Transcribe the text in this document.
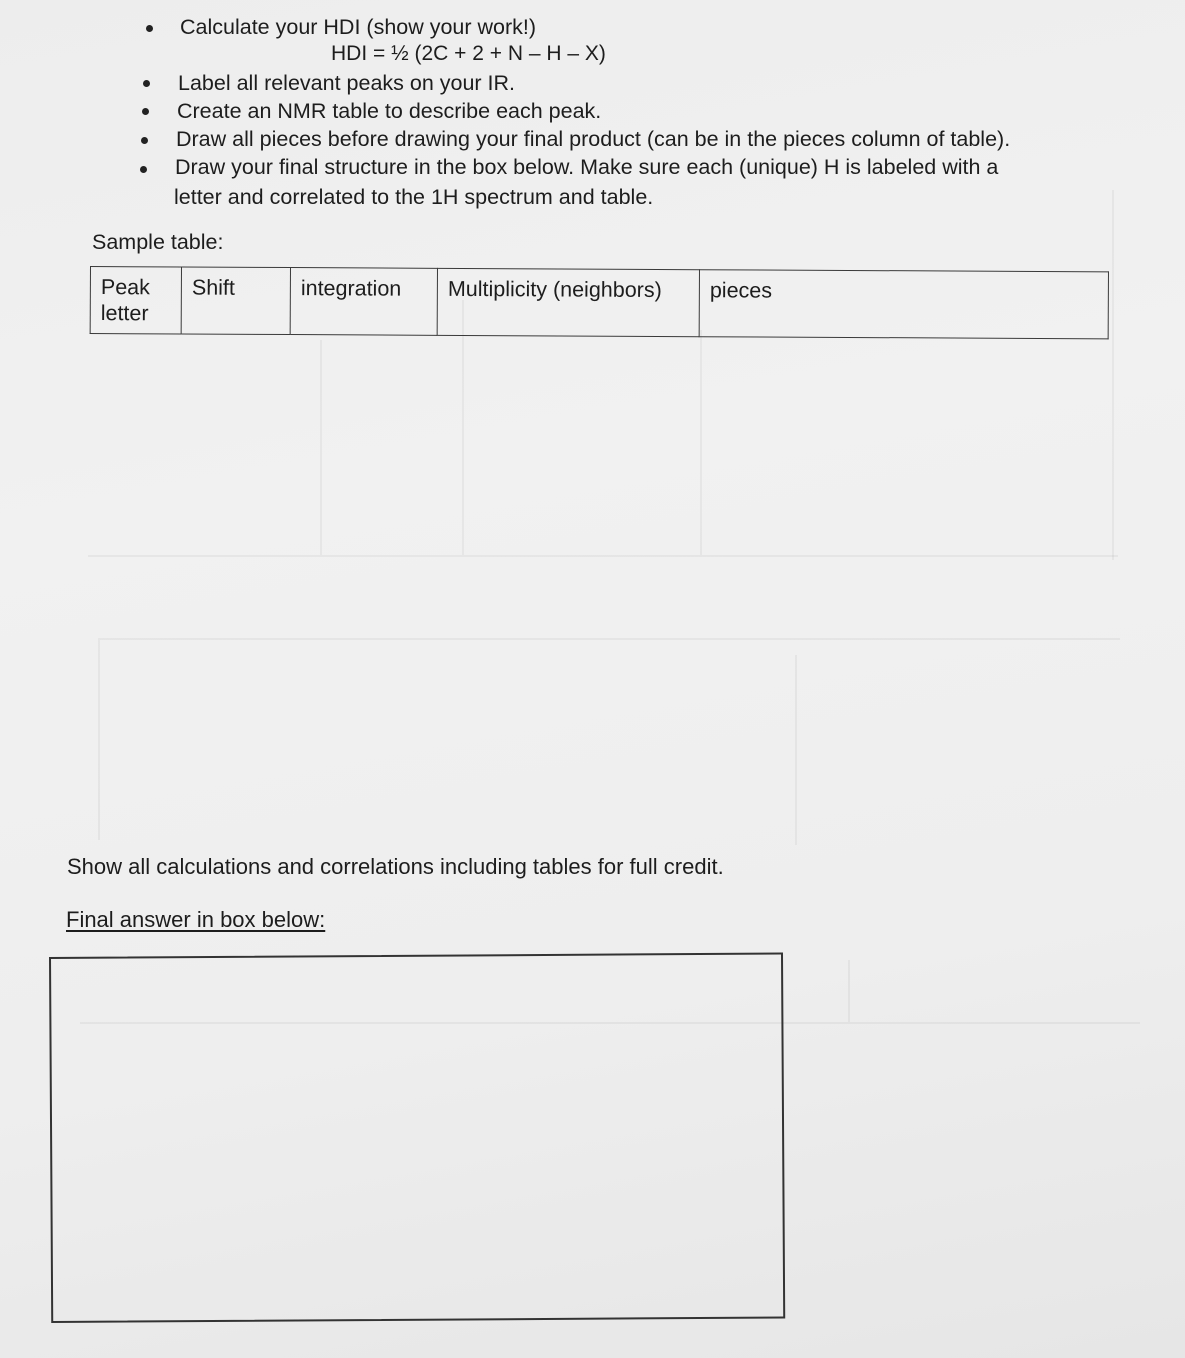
Calculate your HDI (show your work!)
HDI = ½ (2C + 2 + N – H – X)
Label all relevant peaks on your IR.
Create an NMR table to describe each peak.
Draw all pieces before drawing your final product (can be in the pieces column of table).
Draw your final structure in the box below. Make sure each (unique) H is labeled with a
letter and correlated to the 1H spectrum and table.
Sample table:
Peak
letter	Shift	integration	Multiplicity (neighbors)	pieces
Show all calculations and correlations including tables for full credit.
Final answer in box below:
